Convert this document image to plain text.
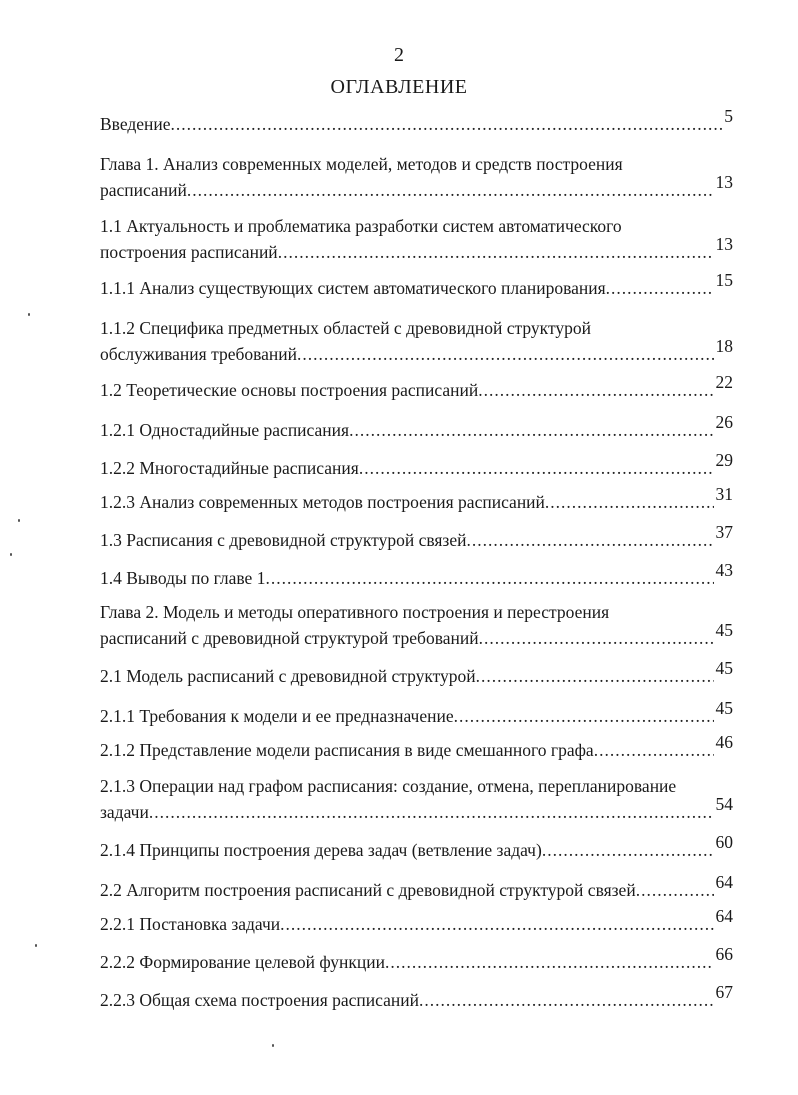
2
ОГЛАВЛЕНИЕ
Введение .....	5
Глава 1. Анализ современных моделей, методов и средств построения
расписаний .....	13
1.1 Актуальность и проблематика разработки систем автоматического
построения расписаний .....	13
1.1.1 Анализ существующих систем автоматического планирования .....	15
1.1.2 Специфика предметных областей с древовидной структурой
обслуживания требований .....	18
1.2 Теоретические основы построения расписаний .....	22
1.2.1 Одностадийные расписания .....	26
1.2.2 Многостадийные расписания .....	29
1.2.3 Анализ современных методов построения расписаний .....	31
1.3 Расписания с древовидной структурой связей .....	37
1.4 Выводы по главе 1 .....	43
Глава 2. Модель и методы оперативного построения и перестроения
расписаний с древовидной структурой требований .....	45
2.1 Модель расписаний с древовидной структурой .....	45
2.1.1 Требования к модели и ее предназначение .....	45
2.1.2 Представление модели расписания в виде смешанного графа .....	46
2.1.3 Операции над графом расписания: создание, отмена, перепланирование
задачи .....	54
2.1.4 Принципы построения дерева задач (ветвление задач) .....	60
2.2 Алгоритм построения расписаний с древовидной структурой связей .....	64
2.2.1 Постановка задачи .....	64
2.2.2 Формирование целевой функции .....	66
2.2.3 Общая схема построения расписаний .....	67
